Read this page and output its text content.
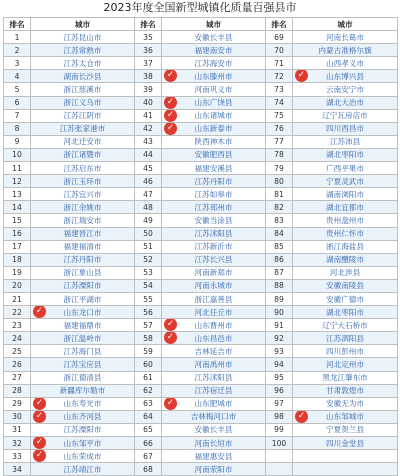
2023年度全国新型城镇化质量百强县市
排名	城市	排名	城市	排名	城市
1	江苏昆山市	35	安徽长丰县	69	河南长葛市
2	江苏常熟市	36	福建南安市	70	内蒙古准格尔旗
3	江苏太仓市	37	江苏海安市	71	山西孝义市
4	湖南长沙县	38	✓ 山东滕州市	72	✓ 山东博兴县
5	浙江慈溪市	39	河南巩义市	73	云南安宁市
6	浙江义乌市	40	✓ 山东广饶县	74	湖北大冶市
7	江苏江阴市	41	✓ 山东诸城市	75	辽宁瓦房店市
8	江苏张家港市	42	✓ 山东新泰市	76	四川西昌市
9	河北迁安市	43	陕西神木市	77	江苏沛县
10	浙江诸暨市	44	安徽肥西县	78	湖北枣阳市
11	江苏启东市	45	福建安溪县	79	广西平果市
12	浙江玉环市	46	江苏丹阳市	80	宁夏灵武市
13	江苏宜兴市	47	江苏如皋市	81	湖南浏阳市
14	浙江余姚市	48	江苏邳州市	82	湖北宜都市
15	浙江瑞安市	49	安徽当涂县	83	贵州盘州市
16	福建晋江市	50	江苏沭阳县	84	贵州仁怀市
17	福建福清市	51	江苏新沂市	85	浙江海盐县
18	江苏丹阳市	52	江苏长兴县	86	湖南醴陵市
19	浙江象山县	53	河南新郑市	87	河北涉县
20	江苏溧阳市	54	河南永城市	88	安徽南陵县
21	浙江平湖市	55	浙江嘉善县	89	安徽广德市
22	✓ 山东龙口市	56	河北任丘市	90	湖北枣阳市
23	福建福鼎市	57	✓ 山东曹州市	91	辽宁大石桥市
24	浙江温岭市	58	✓ 山东昌邑市	92	江苏泗阳县
25	江苏海门县	59	吉林延吉市	93	四川彭州市
26	江苏宝应县	60	河南禹州市	94	河北定州市
27	浙江德清县	61	江苏沭阳县	95	黑龙江肇东市
28	新疆库尔勒市	62	江苏宿迁县	96	甘肃敦煌市
29	✓ 山东寿光市	63	✓ 山东肥城市	97	安徽无为市
30	✓ 山东齐河县	64	吉林梅河口市	98	✓ 山东邹城市
31	江苏溧阳市	65	安徽长丰县	99	宁夏贺兰县
32	✓ 山东邹平市	66	河南长垣市	100	四川金堂县
33	✓ 山东荣成市	67	福建惠安县		
34	江苏靖江市	68	河南荥阳市		
